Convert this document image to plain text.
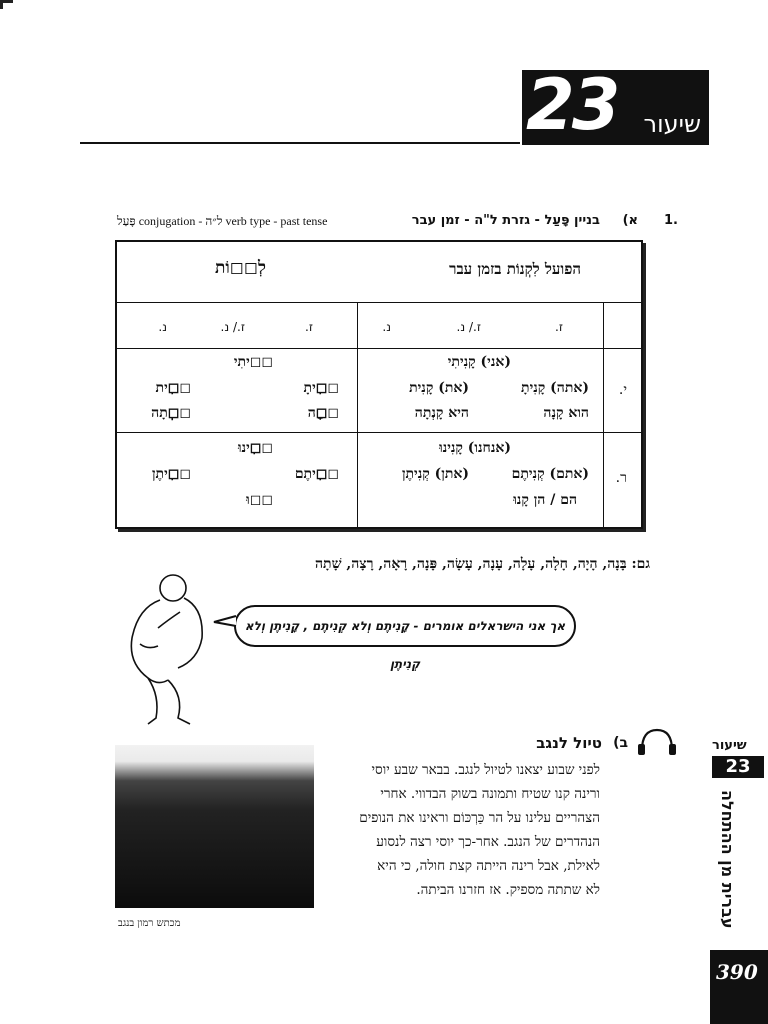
23 שיעור
.1
א)
בניין פָּעַל - גזרת ל"ה - זמן עבר
פָּעַל conjugation - ל״ה verb type - past tense
הפועל לִקְנוֹת בזמן עבר
לְ◻◻וֹת
ז.
ז./ נ.
נ.
ז.
ז./ נ.
נ.
י.
ר.
(אני) קָנִיתִי
(אתה) קָנִיתָ
(את) קָנִית
הוא קָנָה
היא קָנְתָה
(אנחנו) קָנִינוּ
(אתם) קְנִיתֶם
(אתן) קְנִיתֶן
הם / הן קָנוּ
◻◻יתִי
◻◻ִיתָ
◻◻ִית
◻◻ָה
◻◻ְתָה
◻◻ִינוּ
◻◻ִיתֶם
◻◻ִיתֶן
◻◻וּ
גם: בָּנָה, הָיָה, חָלָה, עָלָה, עָנָה, עָשָׂה, פָּנָה, רָאָה, רָצָה, שָׁתָה
אך אני הישראלים אומרים - קָנִיתֶם וְלא קְנִיתֶם , קָנִיתֶן וְלא קְנִיתֶן
ב)
טיול לנגב
לפני שבוע יצאנו לטיול לנגב. בבאר שבע יוסי
ורינה קנו שטיח ותמונה בשוק הבדווי. אחרי
הצהריים עלינו על הר כַּרְכּוֹם וראינו את הנופים
הנהדרים של הנגב. אחר-כך יוסי רצה לנסוע
לאילת, אבל רינה הייתה קצת חולה, כי היא
לא שתתה מספיק. אז חזרנו הביתה.
מכתש רמון בנגב
שיעור
23
עברית מן ההתחלה
390
